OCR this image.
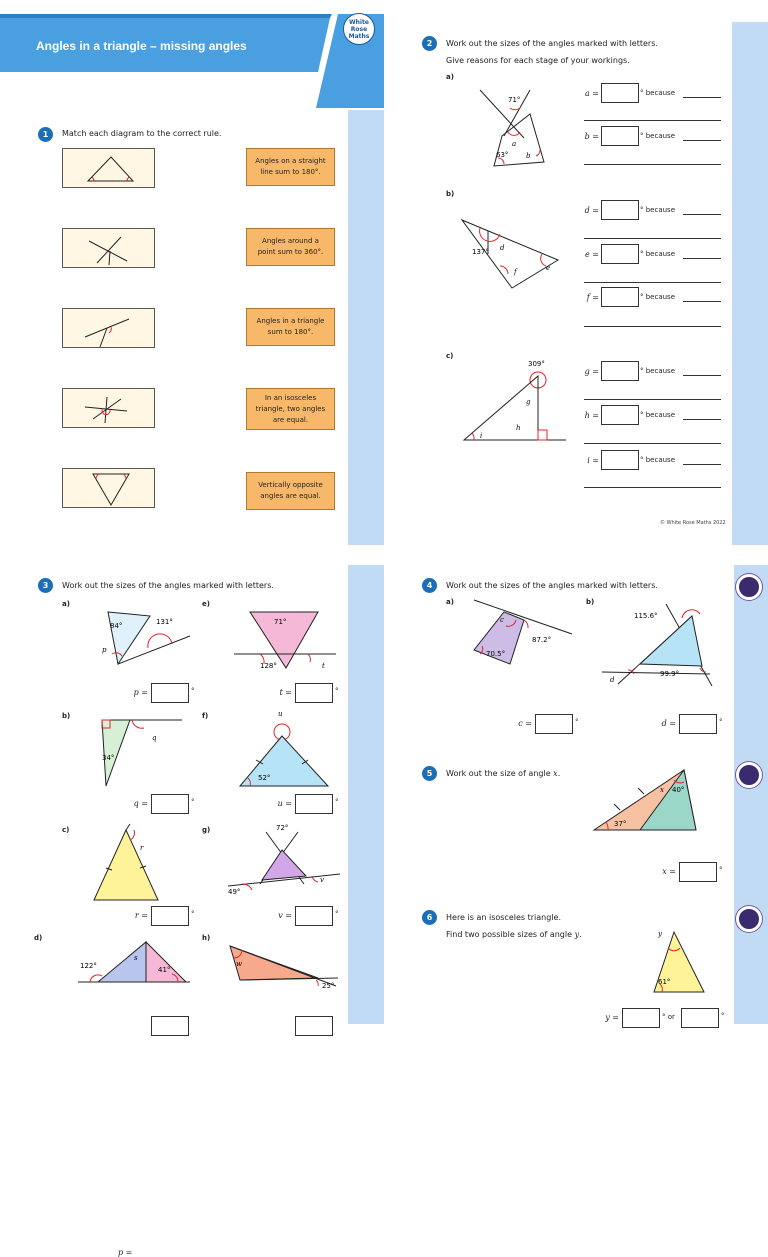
Angles in a triangle – missing angles
White
Rose
Maths
1	Match each diagram to the correct rule.
Angles on a straight
line sum to 180°.
Angles around a
point sum to 360°.
Angles in a triangle
sum to 180°.
In an isosceles
triangle, two angles
are equal.
Vertically opposite
angles are equal.
2	Work out the sizes of the angles marked with letters.
Give reasons for each stage of your workings.
a)
71°
a
63°	b
b)
137° d
e
f
c)
309°
g
h
i
a =	° because
b =	° because
d =	° because
e =	° because
f =	° because
g =	° because
h =	° because
i =	° because
© White Rose Maths 2022
3	Work out the sizes of the angles marked with letters.
a)
84°	131°
p
p =
b)
34°
q
c)
r
d)
122°
s
41°
e)
71°
128°	t
f)	u
52°
g)	72°
49°
v
h)
w
25°
p =	°	t =	°
q =	°	u =	°
r =	°	v =	°
4	Work out the sizes of the angles marked with letters.
a)	b)
c
87.2°
70.5°
115.6°
d
99.9°
c =	°	d =	°
5	Work out the size of angle x.
x 40°
37°
x =	°
6	Here is an isosceles triangle.
Find two possible sizes of angle y.	y
61°
y =	° or	°
